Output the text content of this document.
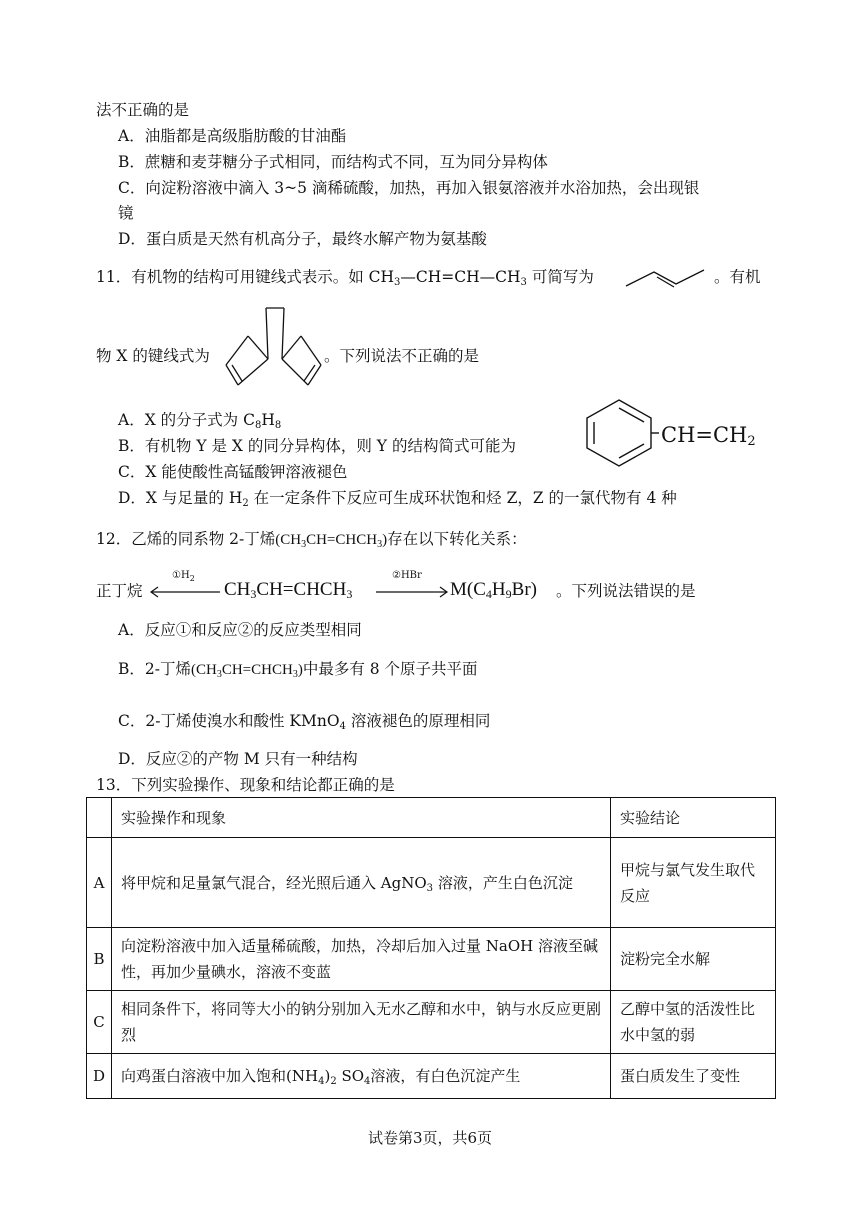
法不正确的是
A．油脂都是高级脂肪酸的甘油酯
B．蔗糖和麦芽糖分子式相同，而结构式不同，互为同分异构体
C．向淀粉溶液中滴入 3~5 滴稀硫酸，加热，再加入银氨溶液并水浴加热，会出现银
镜
D．蛋白质是天然有机高分子，最终水解产物为氨基酸
11．有机物的结构可用键线式表示。如 $CH_3—CH=CH—CH_3$ 可简写为	。有机
物 X 的键线式为	。下列说法不正确的是
A．X 的分子式为 $C_8H_8$
B．有机物 Y 是 X 的同分异构体，则 Y 的结构简式可能为	$CH=CH_2$
C．X 能使酸性高锰酸钾溶液褪色
D．X 与足量的 $H_2$ 在一定条件下反应可生成环状饱和烃 Z，Z 的一氯代物有 4 种
12．乙烯的同系物 2-丁烯$(CH_3CH=CHCH_3)$存在以下转化关系：
正丁烷
$①H_2$
$CH_3CH=CHCH_3$
②HBr
$M(C_4H_9Br)$ 。下列说法错误的是
A．反应①和反应②的反应类型相同
B．2-丁烯$(CH_3CH=CHCH_3)$中最多有 8 个原子共平面
C．2-丁烯使溴水和酸性 KMnO$_4$ 溶液褪色的原理相同
D．反应②的产物 M 只有一种结构
13．下列实验操作、现象和结论都正确的是
	实验操作和现象	实验结论
A	将甲烷和足量氯气混合，经光照后通入 AgNO$_3$ 溶液，产生白色沉淀	甲烷与氯气发生取代反应
B	向淀粉溶液中加入适量稀硫酸，加热，冷却后加入过量 NaOH 溶液至碱性，再加少量碘水，溶液不变蓝	淀粉完全水解
C	相同条件下，将同等大小的钠分别加入无水乙醇和水中，钠与水反应更剧烈	乙醇中氢的活泼性比水中氢的弱
D	向鸡蛋白溶液中加入饱和$(NH_4)_2$ $SO_4$溶液，有白色沉淀产生	蛋白质发生了变性
试卷第3页，共6页
